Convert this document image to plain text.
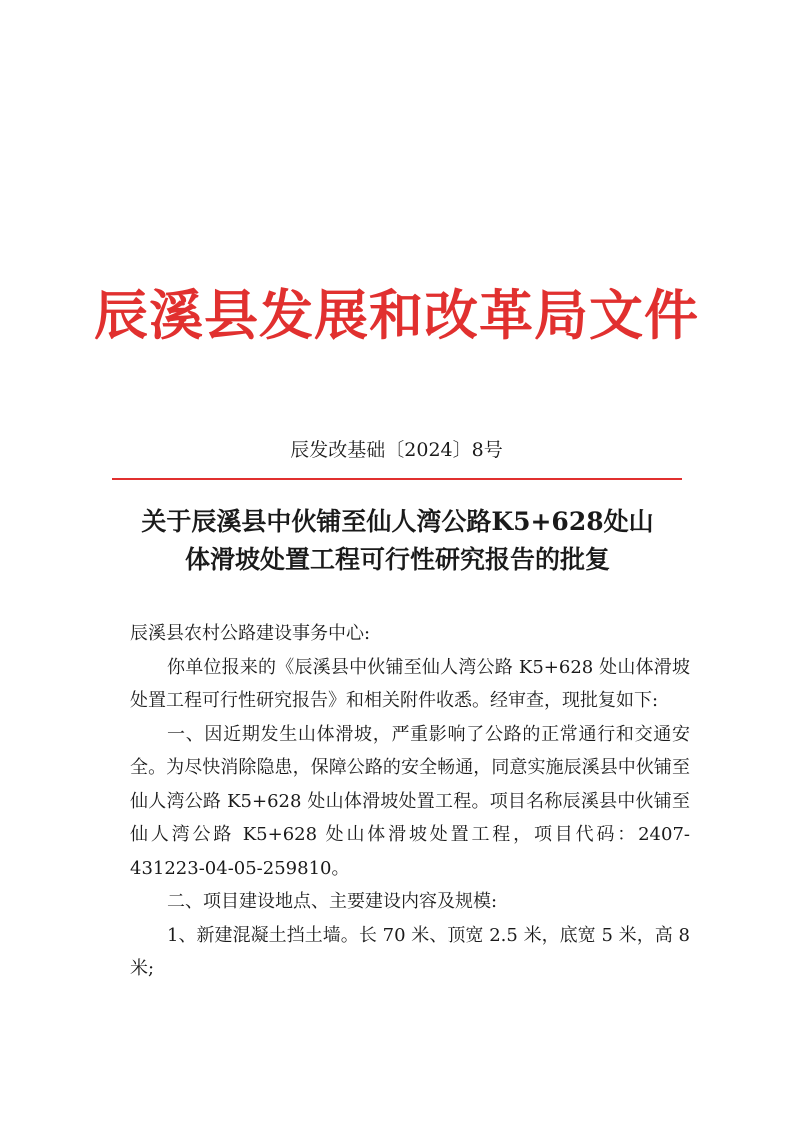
辰溪县发展和改革局文件
辰发改基础〔2024〕8号
关于辰溪县中伙铺至仙人湾公路K5+628处山
体滑坡处置工程可行性研究报告的批复

辰溪县农村公路建设事务中心:

你单位报来的《辰溪县中伙铺至仙人湾公路 K5+628 处山体滑坡处置工程可行性研究报告》和相关附件收悉。经审查，现批复如下:

一、因近期发生山体滑坡，严重影响了公路的正常通行和交通安全。为尽快消除隐患，保障公路的安全畅通，同意实施辰溪县中伙铺至仙人湾公路 K5+628 处山体滑坡处置工程。项目名称辰溪县中伙铺至仙人湾公路 K5+628 处山体滑坡处置工程，项目代码：2407-431223-04-05-259810。

二、项目建设地点、主要建设内容及规模:

1、新建混凝土挡土墙。长 70 米、顶宽 2.5 米，底宽 5 米，高 8 米;
